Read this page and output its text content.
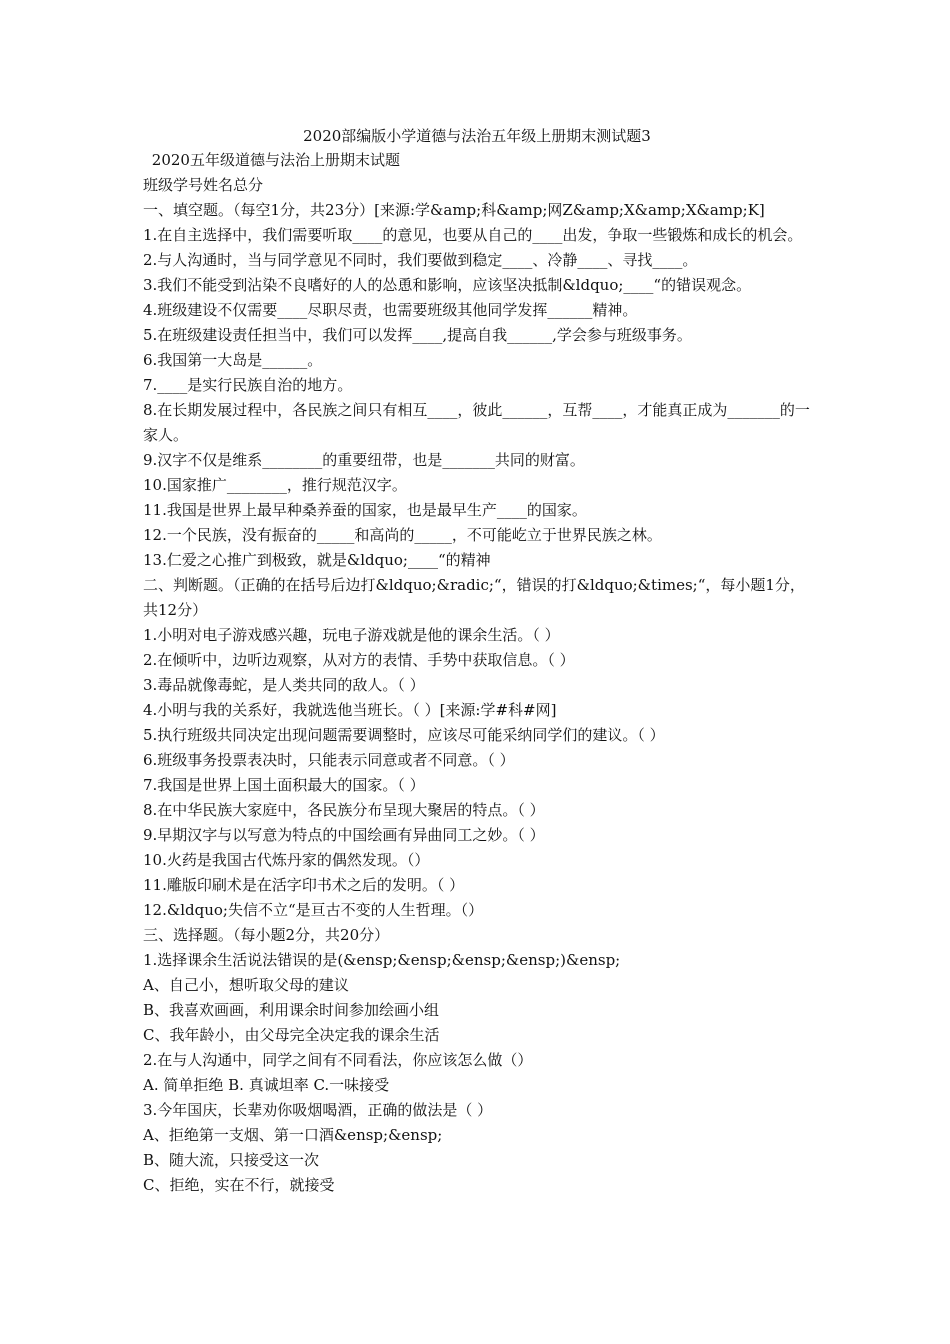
2020部编版小学道德与法治五年级上册期末测试题3
2020五年级道德与法治上册期末试题
班级学号姓名总分
一、填空题。（每空1分，共23分）[来源:学&amp;科&amp;网Z&amp;X&amp;X&amp;K]
1.在自主选择中，我们需要听取____的意见，也要从自己的____出发，争取一些锻炼和成长的机会。
2.与人沟通时，当与同学意见不同时，我们要做到稳定____、冷静____、寻找____。
3.我们不能受到沾染不良嗜好的人的怂恿和影响，应该坚决抵制&ldquo;____“的错误观念。
4.班级建设不仅需要____尽职尽责，也需要班级其他同学发挥______精神。
5.在班级建设责任担当中，我们可以发挥____,提高自我______,学会参与班级事务。
6.我国第一大岛是______。
7.____是实行民族自治的地方。
8.在长期发展过程中，各民族之间只有相互____，彼此______，互帮____，才能真正成为_______的一家人。
9.汉字不仅是维系________的重要纽带，也是_______共同的财富。
10.国家推广________，推行规范汉字。
11.我国是世界上最早种桑养蚕的国家，也是最早生产____的国家。
12.一个民族，没有振奋的_____和高尚的_____，不可能屹立于世界民族之林。
13.仁爱之心推广到极致，就是&ldquo;____“的精神
二、判断题。（正确的在括号后边打&ldquo;&radic;“，错误的打&ldquo;&times;“，每小题1分，共12分）
1.小明对电子游戏感兴趣，玩电子游戏就是他的课余生活。（ ）
2.在倾听中，边听边观察，从对方的表情、手势中获取信息。（ ）
3.毒品就像毒蛇，是人类共同的敌人。（ ）
4.小明与我的关系好，我就选他当班长。（ ）[来源:学#科#网]
5.执行班级共同决定出现问题需要调整时，应该尽可能采纳同学们的建议。（ ）
6.班级事务投票表决时，只能表示同意或者不同意。（ ）
7.我国是世界上国土面积最大的国家。（ ）
8.在中华民族大家庭中，各民族分布呈现大聚居的特点。（ ）
9.早期汉字与以写意为特点的中国绘画有异曲同工之妙。（ ）
10.火药是我国古代炼丹家的偶然发现。（）
11.雕版印刷术是在活字印书术之后的发明。（ ）
12.&ldquo;失信不立“是亘古不变的人生哲理。（）
三、选择题。（每小题2分，共20分）
1.选择课余生活说法错误的是(&ensp;&ensp;&ensp;&ensp;)&ensp;
A、自己小，想听取父母的建议
B、我喜欢画画，利用课余时间参加绘画小组
C、我年龄小，由父母完全决定我的课余生活
2.在与人沟通中，同学之间有不同看法，你应该怎么做（）
A. 简单拒绝 B. 真诚坦率 C.一味接受
3.今年国庆，长辈劝你吸烟喝酒，正确的做法是（ ）
A、拒绝第一支烟、第一口酒&ensp;&ensp;
B、随大流，只接受这一次
C、拒绝，实在不行，就接受
